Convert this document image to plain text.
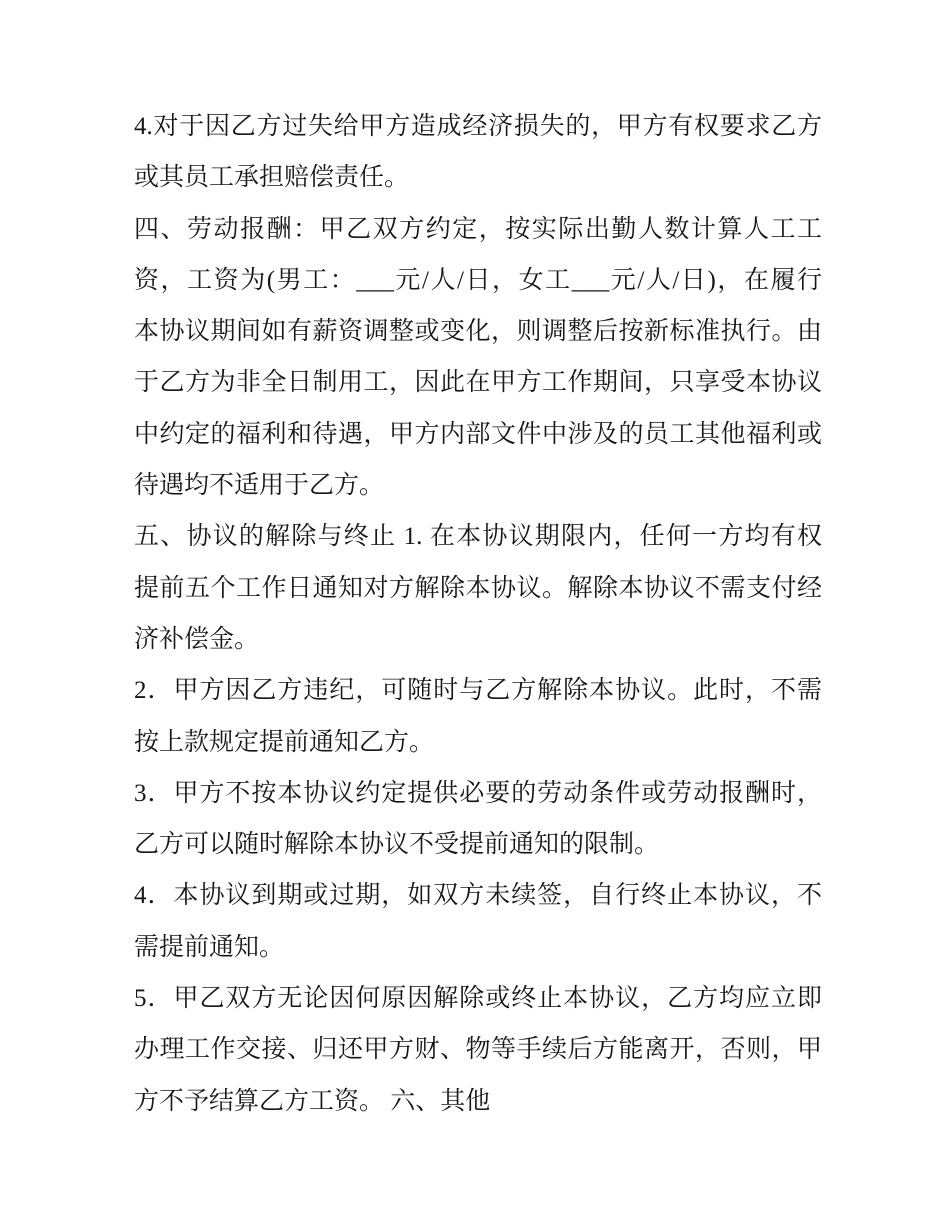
4.对于因乙方过失给甲方造成经济损失的，甲方有权要求乙方
或其员工承担赔偿责任。
四、劳动报酬：甲乙双方约定，按实际出勤人数计算人工工
资，工资为(男工：___元/人/日，女工___元/人/日)，在履行
本协议期间如有薪资调整或变化，则调整后按新标准执行。由
于乙方为非全日制用工，因此在甲方工作期间，只享受本协议
中约定的福利和待遇，甲方内部文件中涉及的员工其他福利或
待遇均不适用于乙方。
五、协议的解除与终止 1. 在本协议期限内，任何一方均有权
提前五个工作日通知对方解除本协议。解除本协议不需支付经
济补偿金。
2．甲方因乙方违纪，可随时与乙方解除本协议。此时，不需
按上款规定提前通知乙方。
3．甲方不按本协议约定提供必要的劳动条件或劳动报酬时，
乙方可以随时解除本协议不受提前通知的限制。
4．本协议到期或过期，如双方未续签，自行终止本协议，不
需提前通知。
5．甲乙双方无论因何原因解除或终止本协议，乙方均应立即
办理工作交接、归还甲方财、物等手续后方能离开，否则，甲
方不予结算乙方工资。 六、其他
